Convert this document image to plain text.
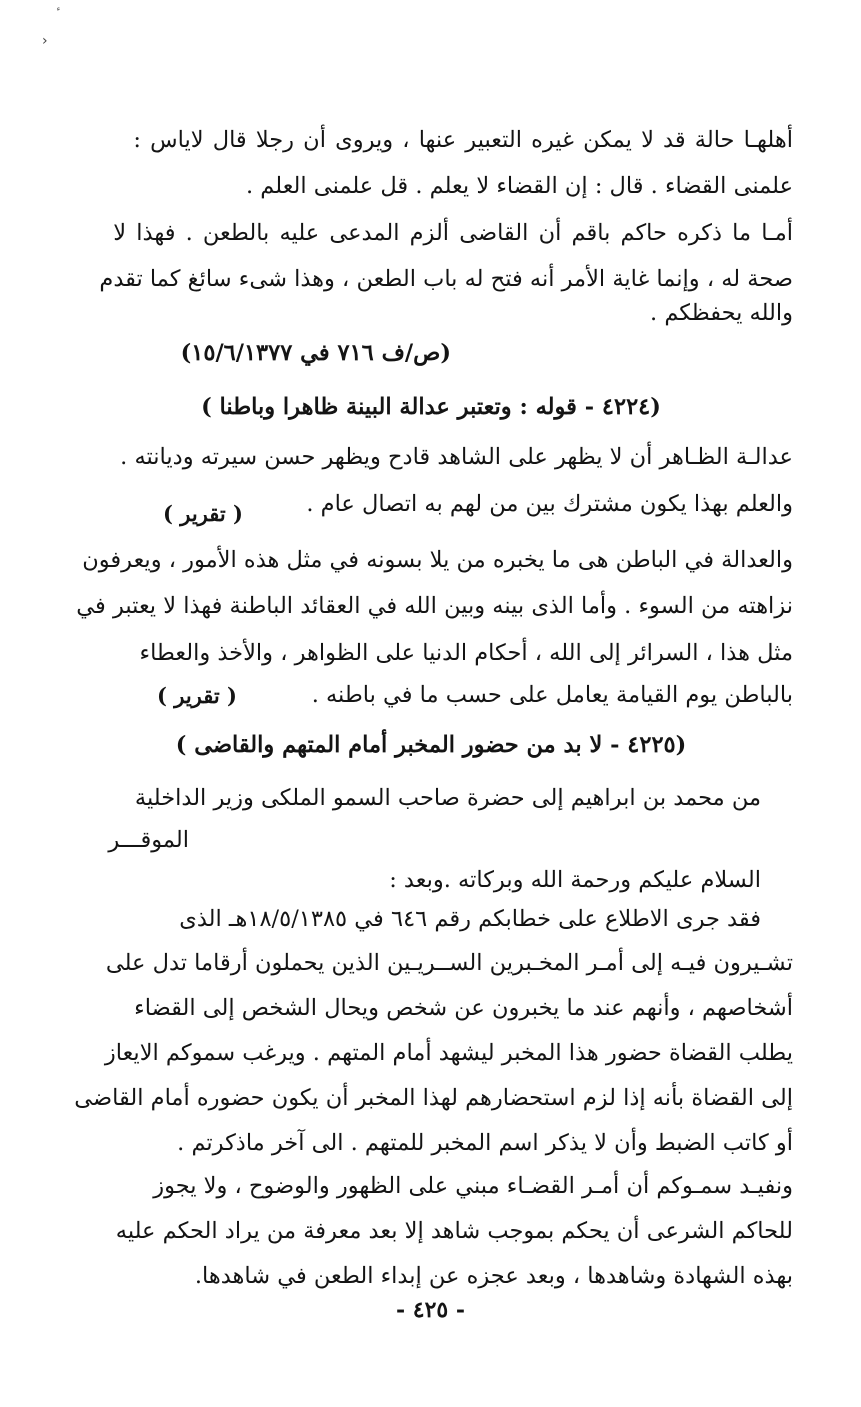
›
أهلهـا حالة قد لا يمكن غيره التعبير عنها ، ويروى أن رجلا قال لاياس :
علمنى القضاء . قال : إن القضاء لا يعلم . قل علمنى العلم .
أمـا ما ذكره حاكم باقم أن القاضى ألزم المدعى عليه بالطعن . فهذا لا
صحة له ، وإنما غاية الأمر أنه فتح له باب الطعن ، وهذا شىء سائغ كما تقدم
والله يحفظكم .
(ص/ف ٧١٦ في ١٥/٦/١٣٧٧)
(٤٢٢٤ - قوله : وتعتبر عدالة البينة ظاهرا وباطنا )
عدالـة الظـاهر أن لا يظهر على الشاهد قادح ويظهر حسن سيرته وديانته .
والعلم بهذا يكون مشترك بين من لهم به اتصال عام .
( تقرير )
والعدالة في الباطن هى ما يخبره من يلا بسونه في مثل هذه الأمور ، ويعرفون
نزاهته من السوء . وأما الذى بينه وبين الله في العقائد الباطنة فهذا لا يعتبر في
مثل هذا ، السرائر إلى الله ، أحكام الدنيا على الظواهر ، والأخذ والعطاء
بالباطن يوم القيامة يعامل على حسب ما في باطنه .
( تقرير )
(٤٢٢٥ - لا بد من حضور المخبر أمام المتهم والقاضى )
من محمد بن ابراهيم إلى حضرة صاحب السمو الملكى وزير الداخلية
الموقـــر
السلام عليكم ورحمة الله وبركاته .وبعد :
فقد جرى الاطلاع على خطابكم رقم ٦٤٦ في ١٨/٥/١٣٨٥هـ الذى
تشـيرون فيـه إلى أمـر المخـبرين الســريـين الذين يحملون أرقاما تدل على
أشخاصهم ، وأنهم عند ما يخبرون عن شخص ويحال الشخص إلى القضاء
يطلب القضاة حضور هذا المخبر ليشهد أمام المتهم . ويرغب سموكم الايعاز
إلى القضاة بأنه إذا لزم استحضارهم لهذا المخبر أن يكون حضوره أمام القاضى
أو كاتب الضبط وأن لا يذكر اسم المخبر للمتهم . الى آخر ماذكرتم .
ونفيـد سمـوكم أن أمـر القضـاء مبني على الظهور والوضوح ، ولا يجوز
للحاكم الشرعى أن يحكم بموجب شاهد إلا بعد معرفة من يراد الحكم عليه
بهذه الشهادة وشاهدها ، وبعد عجزه عن إبداء الطعن في شاهدها.
- ٤٢٥ -
